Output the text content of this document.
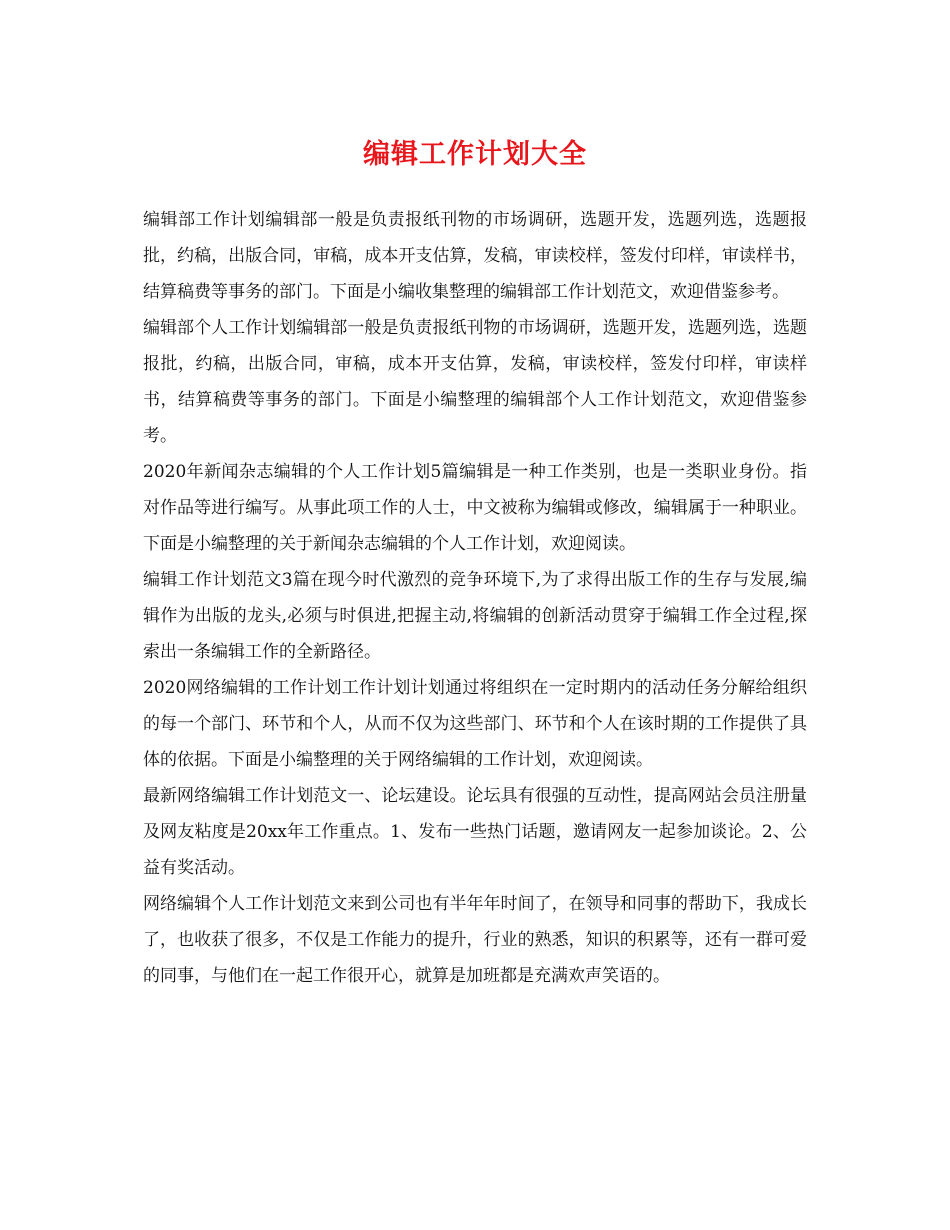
编辑工作计划大全

编辑部工作计划编辑部一般是负责报纸刊物的市场调研，选题开发，选题列选，选题报批，约稿，出版合同，审稿，成本开支估算，发稿，审读校样，签发付印样，审读样书，结算稿费等事务的部门。下面是小编收集整理的编辑部工作计划范文，欢迎借鉴参考。

编辑部个人工作计划编辑部一般是负责报纸刊物的市场调研，选题开发，选题列选，选题报批，约稿，出版合同，审稿，成本开支估算，发稿，审读校样，签发付印样，审读样书，结算稿费等事务的部门。下面是小编整理的编辑部个人工作计划范文，欢迎借鉴参考。

2020年新闻杂志编辑的个人工作计划5篇编辑是一种工作类别，也是一类职业身份。指对作品等进行编写。从事此项工作的人士，中文被称为编辑或修改，编辑属于一种职业。下面是小编整理的关于新闻杂志编辑的个人工作计划，欢迎阅读。

编辑工作计划范文3篇在现今时代激烈的竞争环境下,为了求得出版工作的生存与发展,编辑作为出版的龙头,必须与时俱进,把握主动,将编辑的创新活动贯穿于编辑工作全过程,探索出一条编辑工作的全新路径。

2020网络编辑的工作计划工作计划计划通过将组织在一定时期内的活动任务分解给组织的每一个部门、环节和个人，从而不仅为这些部门、环节和个人在该时期的工作提供了具体的依据。下面是小编整理的关于网络编辑的工作计划，欢迎阅读。

最新网络编辑工作计划范文一、论坛建设。论坛具有很强的互动性，提高网站会员注册量及网友粘度是20xx年工作重点。1、发布一些热门话题，邀请网友一起参加谈论。2、公益有奖活动。

网络编辑个人工作计划范文来到公司也有半年年时间了，在领导和同事的帮助下，我成长了，也收获了很多，不仅是工作能力的提升，行业的熟悉，知识的积累等，还有一群可爱的同事，与他们在一起工作很开心，就算是加班都是充满欢声笑语的。
